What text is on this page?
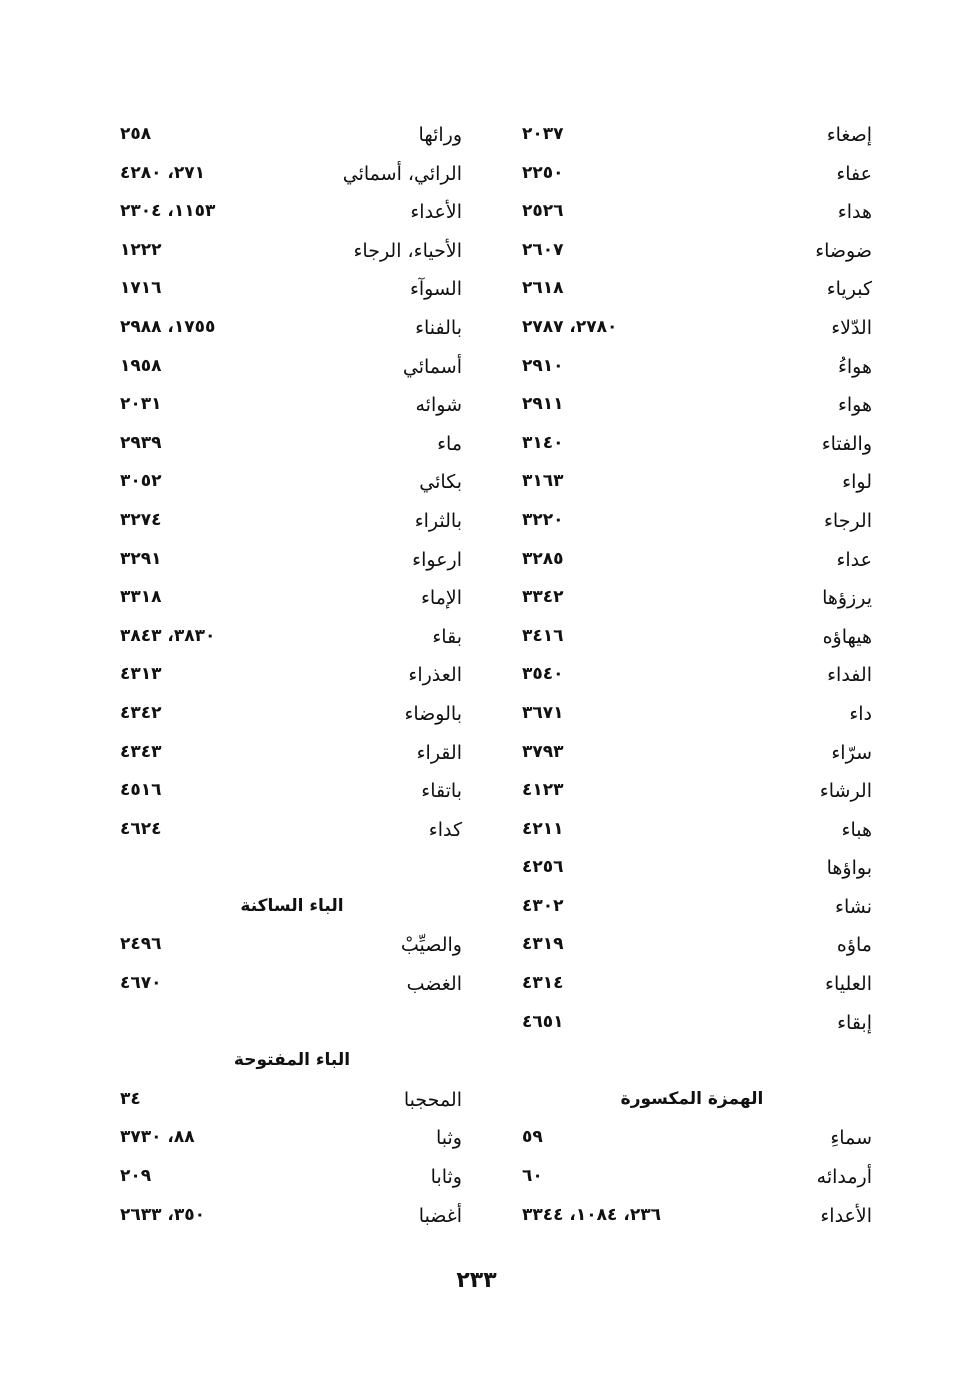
إصغاء
٢٠٣٧
عفاء
٢٢٥٠
هداء
٢٥٢٦
ضوضاء
٢٦٠٧
كبرياء
٢٦١٨
الدّلاء
٢٧٨٠، ٢٧٨٧
هواءُ
٢٩١٠
هواء
٢٩١١
والفتاء
٣١٤٠
لواء
٣١٦٣
الرجاء
٣٢٢٠
عداء
٣٢٨٥
يرزؤها
٣٣٤٢
هيهاؤه
٣٤١٦
الفداء
٣٥٤٠
داء
٣٦٧١
سرّاء
٣٧٩٣
الرشاء
٤١٢٣
هباء
٤٢١١
بواؤها
٤٢٥٦
نشاء
٤٣٠٢
ماؤه
٤٣١٩
العلياء
٤٣١٤
إبقاء
٤٦٥١
الهمزة المكسورة
سماءِ
٥٩
أرمدائه
٦٠
الأعداء
٢٣٦، ١٠٨٤، ٣٣٤٤
ورائها
٢٥٨
الرائي، أسمائي
٢٧١، ٤٢٨٠
الأعداء
١١٥٣، ٢٣٠٤
الأحياء، الرجاء
١٢٢٢
السوآء
١٧١٦
بالفناء
١٧٥٥، ٢٩٨٨
أسمائي
١٩٥٨
شوائه
٢٠٣١
ماء
٢٩٣٩
بكائي
٣٠٥٢
بالثراء
٣٢٧٤
ارعواء
٣٢٩١
الإماء
٣٣١٨
بقاء
٣٨٣٠، ٣٨٤٣
العذراء
٤٣١٣
بالوضاء
٤٣٤٢
القراء
٤٣٤٣
باتقاء
٤٥١٦
كداء
٤٦٢٤
الباء الساكنة
والصيِّبْ
٢٤٩٦
الغضب
٤٦٧٠
الباء المفتوحة
المحجبا
٣٤
وثبا
٨٨، ٣٧٣٠
وثابا
٢٠٩
أغضبا
٣٥٠، ٢٦٣٣
٢٣٣
